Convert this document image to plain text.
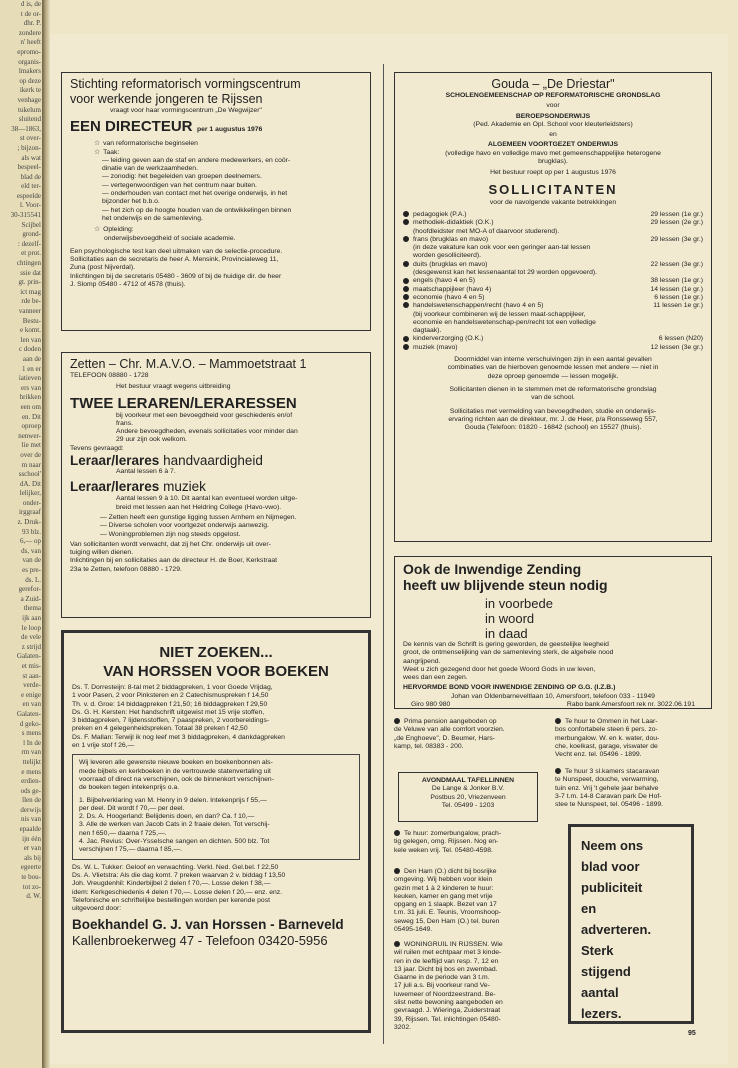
d is, de
t de or-
dhr. P.
zondere
n' heeft
epromo-
organis-
lmakers
op deze
ikerk te
venhage
tukelum
sluitend
38—1863,
st over-
; bijzon-
als wat
bespeel-
blad de
eld ter-
espeelde
l. Voor-
30-315541
Scijbel
grond-
: dezelf-
et prot.
chtingen
ssie dat
gt. prin-
ict mag
rde be-
vanneer
Bestu-
e komt.
len van
c doden
aan de
1 en er
iatieven
ers van
hrikken
een om
en. Dit
oproep
nenwer-
lie met
over de
m naar
sschool'
dA. Dit
lelijker,
onder-
irggraaf
z. Druk-
93 blz.
6,— op
ds, van
van de
es pre-
ds. L.
gerefor-
a Zuid-
thema
ijk aan
le loop
de vele
z strijd
Galaten-
et mis-
st aan-
verde-
e enige
en van
Galaten-
d geko-
s mens
l In de
rm van
ttelijkt
e mens
erdien-
ods ge-
llen de
derwijs
nis van
epaalde
ijn één
er van
als bij
egeerte
te bou-
tot zo-
d. W.
Stichting reformatorisch vormingscentrum
voor werkende jongeren te Rijssen
vraagt voor haar vormingscentrum „De Wegwijzer"
EEN DIRECTEUR per 1 augustus 1976
☆ van reformatorische beginselen
☆ Taak:
— leiding geven aan de staf en andere medewerkers, en coör-
dinatie van de werkzaamheden.
— zonodig: het begeleiden van groepen deelnemers.
— vertegenwoordigen van het centrum naar buiten.
— onderhouden van contact met het overige onderwijs, in het
bijzonder het b.b.o.
— het zich op de hoogte houden van de ontwikkelingen binnen
het onderwijs en de samenleving.
☆ Opleiding:
onderwijsbevoegdheid of sociale academie.
Een psychologische test kan deel uitmaken van de selectie-procedure.
Sollicitaties aan de secretaris de heer A. Mensink, Provincialeweg 11,
Zuna (post Nijverdal).
Inlichtingen bij de secretaris 05480 - 3609 of bij de huidige dir. de heer
J. Slomp 05480 - 4712 of 4578 (thuis).
Zetten – Chr. M.A.V.O. – Mammoetstraat 1
TELEFOON 08880 - 1728
Het bestuur vraagt wegens uitbreiding
TWEE LERAREN/LERARESSEN
bij voorkeur met een bevoegdheid voor geschiedenis en/of
frans.
Andere bevoegdheden, evenals sollicitaties voor minder dan
29 uur zijn ook welkom.
Tevens gevraagd:
Leraar/lerares handvaardigheid
Aantal lessen 6 à 7.
Leraar/lerares muziek
Aantal lessen 9 à 10. Dit aantal kan eventueel worden uitge-
breid met lessen aan het Heldring College (Havo-vwo).
— Zetten heeft een gunstige ligging tussen Arnhem en Nijmegen.
— Diverse scholen voor voortgezet onderwijs aanwezig.
— Woningproblemen zijn nog steeds opgelost.
Van sollicitanten wordt verwacht, dat zij het Chr. onderwijs uit over-
tuiging willen dienen.
Inlichtingen bij en sollicitaties aan de directeur H. de Boer, Kerkstraat
23a te Zetten, telefoon 08880 - 1729.
NIET ZOEKEN...
VAN HORSSEN VOOR BOEKEN
Ds. T. Dorresteijn: 8-tal met 2 biddagpreken, 1 voor Goede Vrijdag,
1 voor Pasen, 2 voor Pinksteren en 2 Catechismuspreken f 14,50
Th. v. d. Groe: 14 biddagpreken f 21,50; 16 biddagpreken f 29,50
Ds. G. H. Kersten: Het handschrift uitgewist met 15 vrije stoffen,
3 biddagpreken, 7 lijdensstoffen, 7 paaspreken, 2 voorbereidings-
preken en 4 gelegenheidspreken. Totaal 38 preken f 42,50
Ds. F. Mallan: Terwijl ik nog leef met 3 biddagpreken, 4 dankdagpreken
en 1 vrije stof f 26,—
Wij leveren alle gewenste nieuwe boeken en boekenbonnen als-
mede bijbels en kerkboeken in de vertrouwde statenvertaling uit
voorraad of direct na verschijnen, ook de binnenkort verschijnen-
de boeken tegen intekenprijs o.a.
1. Bijbelverklaring van M. Henry in 9 delen. Intekenprijs f 55,—
per deel. Dit wordt f 70,— per deel.
2. Ds. A. Hoogerland: Belijdenis doen, en dan? Ca. f 10,—
3. Alle de werken van Jacob Cats in 2 fraaie delen. Tot verschij-
nen f 650,— daarna f 725,—.
4. Jac. Revius: Over-Ysselsche sangen en dichten. 500 blz. Tot
verschijnen f 75,— daarna f 85,—.
Ds. W. L. Tukker: Geloof en verwachting. Verkl. Ned. Gel.bel. f 22,50
Ds. A. Vlietstra: Als die dag komt. 7 preken waarvan 2 v. biddag f 13,50
Joh. Vreugdenhil: Kinderbijbel 2 delen f 70,—. Losse delen f 38,—
idem: Kerkgeschiedenis 4 delen f 70,—. Losse delen f 20,— enz. enz.
Telefonische en schriftelijke bestellingen worden per kerende post
uitgevoerd door:
Boekhandel G. J. van Horssen - Barneveld
Kallenbroekerweg 47 - Telefoon 03420-5956
Gouda – „De Driestar"
SCHOLENGEMEENSCHAP OP REFORMATORISCHE GRONDSLAG
voor
BEROEPSONDERWIJS
(Ped. Akademie en Opl. School voor kleuterleidsters)
en
ALGEMEEN VOORTGEZET ONDERWIJS
(volledige havo en volledige mavo met gemeenschappelijke heterogene
brugklas).
Het bestuur roept op per 1 augustus 1976
SOLLICITANTEN
voor de navolgende vakante betrekkingen
pedagogiek (P.A.)	29 lessen (1e gr.)
methodiek-didaktiek (O.K.)	29 lessen (2e gr.)
(hoofdleidster met MO-A of daarvoor studerend).
frans (brugklas en mavo)	29 lessen (3e gr.)
(in deze vakature kan ook voor een geringer aan-tal lessen worden gesolliciteerd).
duits (brugklas en mavo)	22 lessen (3e gr.)
(desgewenst kan het lessenaantal tot 29 worden opgevoerd).
engels (havo 4 en 5)	38 lessen (1e gr.)
maatschappijleer (havo 4)	14 lessen (1e gr.)
economie (havo 4 en 5)	6 lessen (1e gr.)
handelswetenschappen/recht (havo 4 en 5)	11 lessen 1e gr.)
(bij voorkeur combineren wij de lessen maat-schappijleer, economie en handelswetenschap-pen/recht tot een volledige dagtaak).
kinderverzorging (O.K.)	6 lessen (N20)
muziek (mavo)	12 lessen (3e gr.)
Doormiddel van interne verschuivingen zijn in een aantal gevallen
combinaties van de hierboven genoemde lessen met andere — niet in
deze oproep genoemde — lessen mogelijk.
Sollicitanten dienen in te stemmen met de reformatorische grondslag
van de school.
Sollicitaties met vermelding van bevoegdheden, studie en onderwijs-
ervaring richten aan de direkteur, mr. J. de Heer, p/a Ronsseweg 557,
Gouda (Telefoon: 01820 - 16842 (school) en 15527 (thuis).
Ook de Inwendige Zending
heeft uw blijvende steun nodig
in voorbede
in woord
in daad
De kennis van de Schrift is gering geworden, de geestelijke leegheid
groot, de ontmenselijking van de samenleving sterk, de algehele nood
aangrijpend.
Weet u zich gezegend door het goede Woord Gods in uw leven,
wees dan een zegen.
HERVORMDE BOND VOOR INWENDIGE ZENDING OP G.G. (I.Z.B.)
Johan van Oldenbarneveltlaan 10, Amersfoort, telefoon 033 - 11949
Giro 980 980	Rabo bank Amersfoort rek nr. 3022.06.191
Prima pension aangeboden op
de Veluwe van alle comfort voorzien.
„de Enghoeve", D. Beumer, Hars-
kamp, tel. 08383 - 200.
AVONDMAAL TAFELLINNEN
De Lange & Jonker B.V.
Postbus 20, Vriezenveen
Tel. 05499 - 1203
Te huur: zomerbungalow, prach-
tig gelegen, omg. Rijssen. Nog en-
kele weken vrij. Tel. 05480-4598.
Den Ham (O.) dicht bij bosrijke
omgeving. Wij hebben voor klein
gezin met 1 à 2 kinderen te huur:
keuken, kamer en gang met vrije
opgang en 1 slaapk. Bezet van 17
t.m. 31 juli. E. Teunis, Vroomshoop-
seweg 15, Den Ham (O.) tel. buren
05495-1649.
WONINGRUIL IN RIJSSEN. Wie
wil ruilen met echtpaar met 3 kinde-
ren in de leeftijd van resp. 7, 12 en
13 jaar. Dicht bij bos en zwembad.
Gaarne in de periode van 3 t.m.
17 juli a.s. Bij voorkeur rand Ve-
luwemeer of Noordzeestrand. Be-
slist nette bewoning aangeboden en
gevraagd. J. Wieringa, Zuiderstraat
39, Rijssen. Tel. inlichtingen 05480-
3202.
Te huur te Ommen in het Laar-
bos confortabele steen 6 pers. zo-
merbungalow. W. en k. water, dou-
che, koelkast, garage, viswater de
Vecht enz. tel. 05496 - 1899.
Te huur 3 sl.kamers stacaravan
te Nunspeet, douche, verwarming,
tuin enz. Vrij 't gehele jaar behalve
3-7 t.m. 14-8 Caravan park De Hof-
stee te Nunspeet, tel. 05496 - 1899.
Neem ons
blad voor
publiciteit
en
adverteren.
Sterk
stijgend
aantal
lezers.
95
